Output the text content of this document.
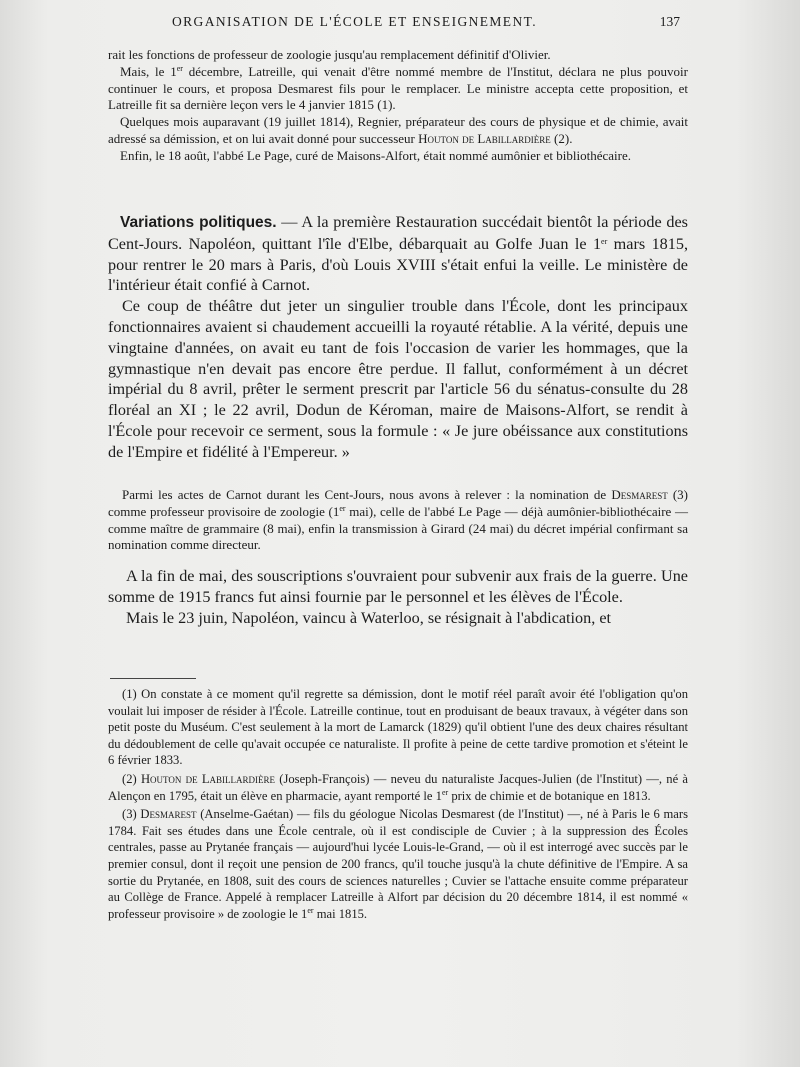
ORGANISATION DE L'ÉCOLE ET ENSEIGNEMENT.	137

rait les fonctions de professeur de zoologie jusqu'au remplacement définitif d'Olivier.

Mais, le 1er décembre, Latreille, qui venait d'être nommé membre de l'Institut, déclara ne plus pouvoir continuer le cours, et proposa Desmarest fils pour le remplacer. Le ministre accepta cette proposition, et Latreille fit sa dernière leçon vers le 4 janvier 1815 (1).

Quelques mois auparavant (19 juillet 1814), Regnier, préparateur des cours de physique et de chimie, avait adressé sa démission, et on lui avait donné pour successeur Houton de Labillardière (2).

Enfin, le 18 août, l'abbé Le Page, curé de Maisons-Alfort, était nommé aumônier et bibliothécaire.

Variations politiques. — A la première Restauration succédait bientôt la période des Cent-Jours. Napoléon, quittant l'île d'Elbe, débarquait au Golfe Juan le 1er mars 1815, pour rentrer le 20 mars à Paris, d'où Louis XVIII s'était enfui la veille. Le ministère de l'intérieur était confié à Carnot.

Ce coup de théâtre dut jeter un singulier trouble dans l'École, dont les principaux fonctionnaires avaient si chaudement accueilli la royauté rétablie. A la vérité, depuis une vingtaine d'années, on avait eu tant de fois l'occasion de varier les hommages, que la gymnastique n'en devait pas encore être perdue. Il fallut, conformément à un décret impérial du 8 avril, prêter le serment prescrit par l'article 56 du sénatus-consulte du 28 floréal an XI ; le 22 avril, Dodun de Kéroman, maire de Maisons-Alfort, se rendit à l'École pour recevoir ce serment, sous la formule : « Je jure obéissance aux constitutions de l'Empire et fidélité à l'Empereur. »

Parmi les actes de Carnot durant les Cent-Jours, nous avons à relever : la nomination de Desmarest (3) comme professeur provisoire de zoologie (1er mai), celle de l'abbé Le Page — déjà aumônier-bibliothécaire — comme maître de grammaire (8 mai), enfin la transmission à Girard (24 mai) du décret impérial confirmant sa nomination comme directeur.

A la fin de mai, des souscriptions s'ouvraient pour subvenir aux frais de la guerre. Une somme de 1915 francs fut ainsi fournie par le personnel et les élèves de l'École.

Mais le 23 juin, Napoléon, vaincu à Waterloo, se résignait à l'abdication, et

(1) On constate à ce moment qu'il regrette sa démission, dont le motif réel paraît avoir été l'obligation qu'on voulait lui imposer de résider à l'École. Latreille continue, tout en produisant de beaux travaux, à végéter dans son petit poste du Muséum. C'est seulement à la mort de Lamarck (1829) qu'il obtient l'une des deux chaires résultant du dédoublement de celle qu'avait occupée ce naturaliste. Il profite à peine de cette tardive promotion et s'éteint le 6 février 1833.

(2) Houton de Labillardière (Joseph-François) — neveu du naturaliste Jacques-Julien (de l'Institut) —, né à Alençon en 1795, était un élève en pharmacie, ayant remporté le 1er prix de chimie et de botanique en 1813.

(3) Desmarest (Anselme-Gaétan) — fils du géologue Nicolas Desmarest (de l'Institut) —, né à Paris le 6 mars 1784. Fait ses études dans une École centrale, où il est condisciple de Cuvier ; à la suppression des Écoles centrales, passe au Prytanée français — aujourd'hui lycée Louis-le-Grand, — où il est interrogé avec succès par le premier consul, dont il reçoit une pension de 200 francs, qu'il touche jusqu'à la chute définitive de l'Empire. A sa sortie du Prytanée, en 1808, suit des cours de sciences naturelles ; Cuvier se l'attache ensuite comme préparateur au Collège de France. Appelé à remplacer Latreille à Alfort par décision du 20 décembre 1814, il est nommé « professeur provisoire » de zoologie le 1er mai 1815.
